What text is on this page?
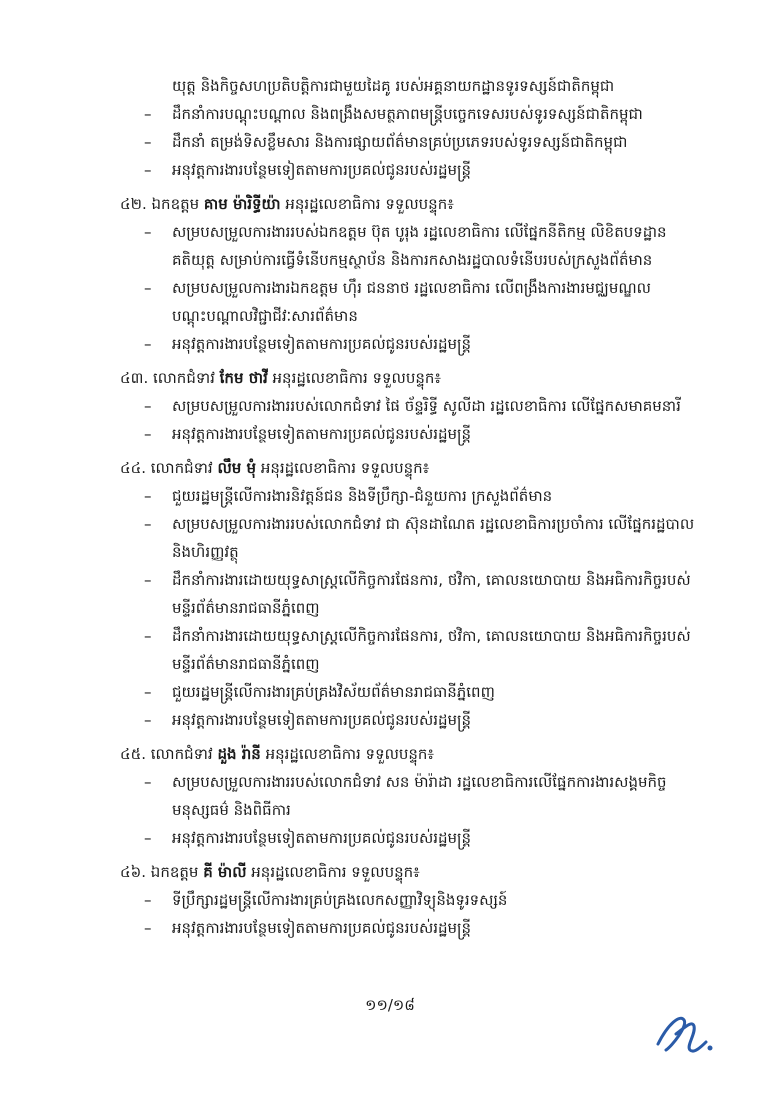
យុត្ត និងកិច្ចសហប្រតិបត្តិការជាមួយដៃគូ របស់អគ្គនាយកដ្ឋានទូរទស្សន៍ជាតិកម្ពុជា
– ដឹកនាំការបណ្តុះបណ្តាល និងពង្រឹងសមត្ថភាពមន្ត្រីបច្ចេកទេសរបស់ទូរទស្សន៍ជាតិកម្ពុជា
– ដឹកនាំ តម្រង់ទិសខ្លឹមសារ និងការផ្សាយព័ត៌មានគ្រប់ប្រភេទរបស់ទូរទស្សន៍ជាតិកម្ពុជា
– អនុវត្តការងារបន្ថែមទៀតតាមការប្រគល់ជូនរបស់រដ្ឋមន្ត្រី
៤២. ឯកឧត្តម គាម ម៉ារិទ្ធីយ៉ា អនុរដ្ឋលេខាធិការ ទទួលបន្ទុក៖
– សម្របសម្រួលការងាររបស់ឯកឧត្តម ប៊ុត បូរុង រដ្ឋលេខាធិការ លើផ្នែកនីតិកម្ម លិខិតបទដ្ឋាន
គតិយុត្ត សម្រាប់ការធ្វើទំនើបកម្មស្ថាប័ន និងការកសាងរដ្ឋបាលទំនើបរបស់ក្រសួងព័ត៌មាន
– សម្របសម្រួលការងារឯកឧត្តម ហ៊ឹរ ជននាថ រដ្ឋលេខាធិការ លើពង្រឹងការងារមជ្ឈមណ្ឌល
បណ្តុះបណ្តាលវិជ្ជាជីវៈសារព័ត៌មាន
– អនុវត្តការងារបន្ថែមទៀតតាមការប្រគល់ជូនរបស់រដ្ឋមន្ត្រី
៤៣. លោកជំទាវ កែម ថាវី អនុរដ្ឋលេខាធិការ ទទួលបន្ទុក៖
– សម្របសម្រួលការងាររបស់លោកជំទាវ ផៃ ច័ន្ទរិទ្ធី សូលីដា រដ្ឋលេខាធិការ លើផ្នែកសមាគមនារី
– អនុវត្តការងារបន្ថែមទៀតតាមការប្រគល់ជូនរបស់រដ្ឋមន្ត្រី
៤៤. លោកជំទាវ លឹម មុំ អនុរដ្ឋលេខាធិការ ទទួលបន្ទុក៖
– ជួយរដ្ឋមន្ត្រីលើការងារនិវត្តន៍ជន និងទីប្រឹក្សា-ជំនួយការ ក្រសួងព័ត៌មាន
– សម្របសម្រួលការងាររបស់លោកជំទាវ ជា ស៊ុនដាណែត រដ្ឋលេខាធិការប្រចាំការ លើផ្នែករដ្ឋបាល
និងហិរញ្ញវត្ថុ
– ដឹកនាំការងារដោយយុទ្ធសាស្ត្រលើកិច្ចការផែនការ, ថវិកា, គោលនយោបាយ និងអធិការកិច្ចរបស់
មន្ទីរព័ត៌មានរាជធានីភ្នំពេញ
– ដឹកនាំការងារដោយយុទ្ធសាស្ត្រលើកិច្ចការផែនការ, ថវិកា, គោលនយោបាយ និងអធិការកិច្ចរបស់
មន្ទីរព័ត៌មានរាជធានីភ្នំពេញ
– ជួយរដ្ឋមន្ត្រីលើការងារគ្រប់គ្រងវិស័យព័ត៌មានរាជធានីភ្នំពេញ
– អនុវត្តការងារបន្ថែមទៀតតាមការប្រគល់ជូនរបស់រដ្ឋមន្ត្រី
៤៥. លោកជំទាវ ដួង រ៉ានី អនុរដ្ឋលេខាធិការ ទទួលបន្ទុក៖
– សម្របសម្រួលការងាររបស់លោកជំទាវ សន ម៉ារ៉ាដា រដ្ឋលេខាធិការលើផ្នែកការងារសង្គមកិច្ច
មនុស្សធម៌ និងពិធីការ
– អនុវត្តការងារបន្ថែមទៀតតាមការប្រគល់ជូនរបស់រដ្ឋមន្ត្រី
៤៦. ឯកឧត្តម គី ម៉ាលី អនុរដ្ឋលេខាធិការ ទទួលបន្ទុក៖
– ទីប្រឹក្សារដ្ឋមន្ត្រីលើការងារគ្រប់គ្រងលេកសញ្ញាវិទ្យុនិងទូរទស្សន៍
– អនុវត្តការងារបន្ថែមទៀតតាមការប្រគល់ជូនរបស់រដ្ឋមន្ត្រី
១១/១៨
